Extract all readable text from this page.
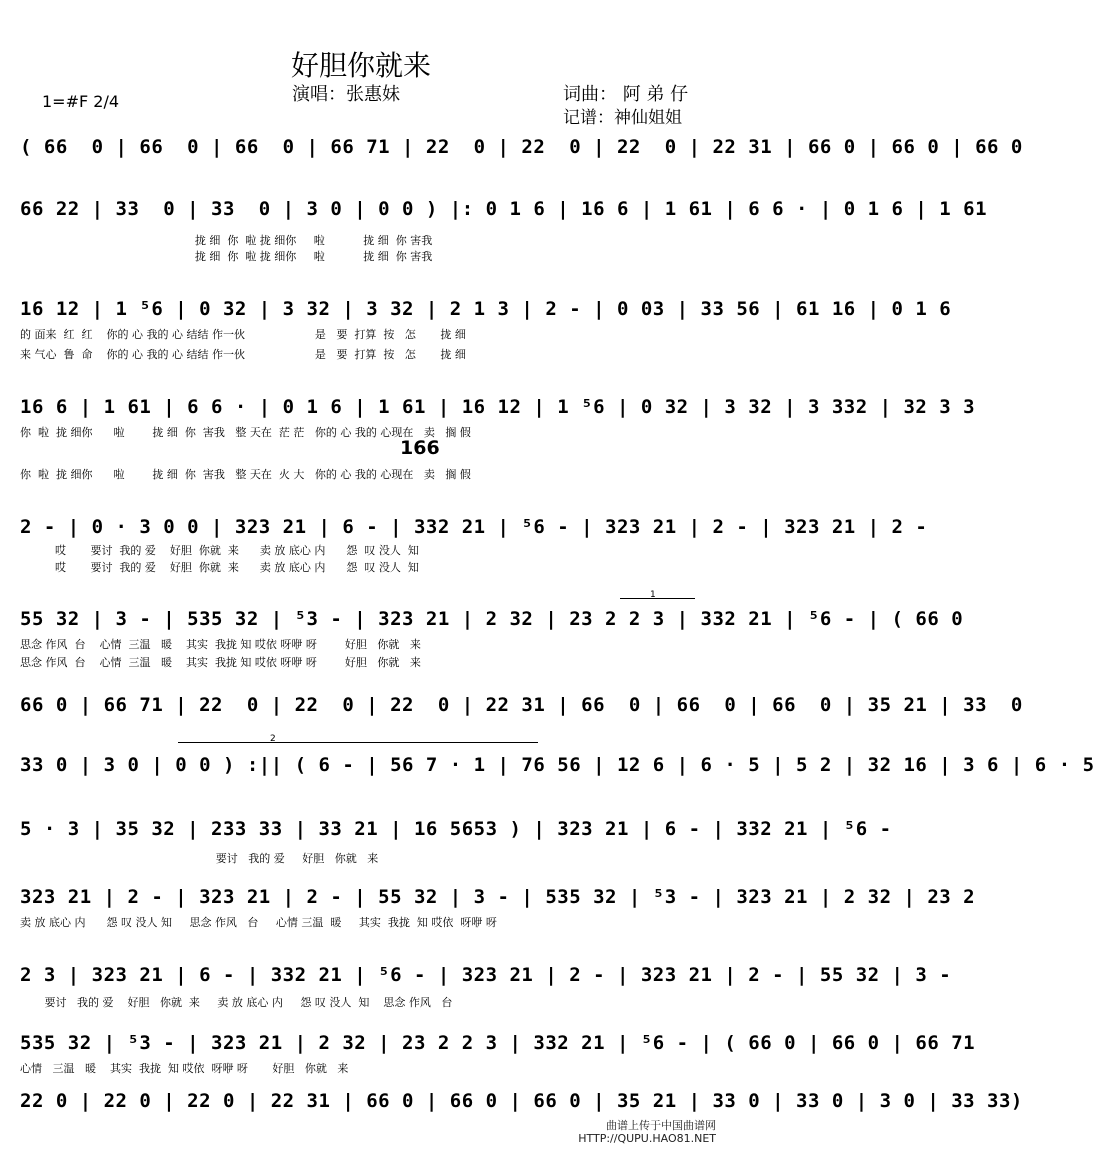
好胆你就来
演唱：张惠妹	词曲： 阿 弟 仔
记谱：神仙姐姐
1=#F 2/4
1
2
( 66  0 | 66  0 | 66  0 | 66 71 | 22  0 | 22  0 | 22  0 | 22 31 | 66 0 | 66 0 | 66 0
66 22 | 33  0 | 33  0 | 3 0 | 0 0 ) |: 0 1 6 | 16 6 | 1 61 | 6 6 · | 0 1 6 | 1 61
拢 细  你  啦 拢 细你     啦           拢 细  你 害我
拢 细  你  啦 拢 细你     啦           拢 细  你 害我
16 12 | 1 ⁵6 | 0 32 | 3 32 | 3 32 | 2 1 3 | 2 - | 0 03 | 33 56 | 61 16 | 0 1 6
的 面来  红  红    你的 心 我的 心 结结 作一伙                    是   要  打算  按   怎       拢 细
来 气心  鲁  命    你的 心 我的 心 结结 作一伙                    是   要  打算  按   怎       拢 细
16 6 | 1 61 | 6 6 · | 0 1 6 | 1 61 | 16 12 | 1 ⁵6 | 0 32 | 3 32 | 3 332 | 32 3 3
你  啦  拢 细你      啦        拢 细  你  害我   整 天在  茫 茫   你的 心 我的 心现在   卖   搁 假
166
你  啦  拢 细你      啦        拢 细  你  害我   整 天在  火 大   你的 心 我的 心现在   卖   搁 假
2 - | 0 · 3 0 0 | 323 21 | 6 - | 332 21 | ⁵6 - | 323 21 | 2 - | 323 21 | 2 -
哎       要讨  我的 爱    好胆  你就  来      卖 放 底心 内      怨  叹 没人  知
哎       要讨  我的 爱    好胆  你就  来      卖 放 底心 内      怨  叹 没人  知
55 32 | 3 - | 535 32 | ⁵3 - | 323 21 | 2 32 | 23 2 2 3 | 332 21 | ⁵6 - | ( 66 0
思念 作风  台    心情  三温   暖    其实  我拢 知 哎依 呀咿 呀        好胆   你就   来
思念 作风  台    心情  三温   暖    其实  我拢 知 哎依 呀咿 呀        好胆   你就   来
66 0 | 66 71 | 22  0 | 22  0 | 22  0 | 22 31 | 66  0 | 66  0 | 66  0 | 35 21 | 33  0
33 0 | 3 0 | 0 0 ) :|| ( 6 - | 56 7 · 1 | 76 56 | 12 6 | 6 · 5 | 5 2 | 32 16 | 3 6 | 6 · 5
5 · 3 | 35 32 | 233 33 | 33 21 | 16 5653 ) | 323 21 | 6 - | 332 21 | ⁵6 -
要讨   我的 爱     好胆   你就   来
323 21 | 2 - | 323 21 | 2 - | 55 32 | 3 - | 535 32 | ⁵3 - | 323 21 | 2 32 | 23 2
卖 放 底心 内      怨 叹 没人 知     思念 作风   台     心情 三温  暖     其实  我拢  知 哎依  呀咿 呀
2 3 | 323 21 | 6 - | 332 21 | ⁵6 - | 323 21 | 2 - | 323 21 | 2 - | 55 32 | 3 -
要讨   我的 爱    好胆   你就  来     卖 放 底心 内     怨 叹 没人  知    思念 作风   台
535 32 | ⁵3 - | 323 21 | 2 32 | 23 2 2 3 | 332 21 | ⁵6 - | ( 66 0 | 66 0 | 66 71
心情   三温   暖    其实  我拢  知 哎依  呀咿 呀       好胆   你就   来
22 0 | 22 0 | 22 0 | 22 31 | 66 0 | 66 0 | 66 0 | 35 21 | 33 0 | 33 0 | 3 0 | 33 33)
曲谱上传于中国曲谱网
HTTP://QUPU.HAO81.NET
